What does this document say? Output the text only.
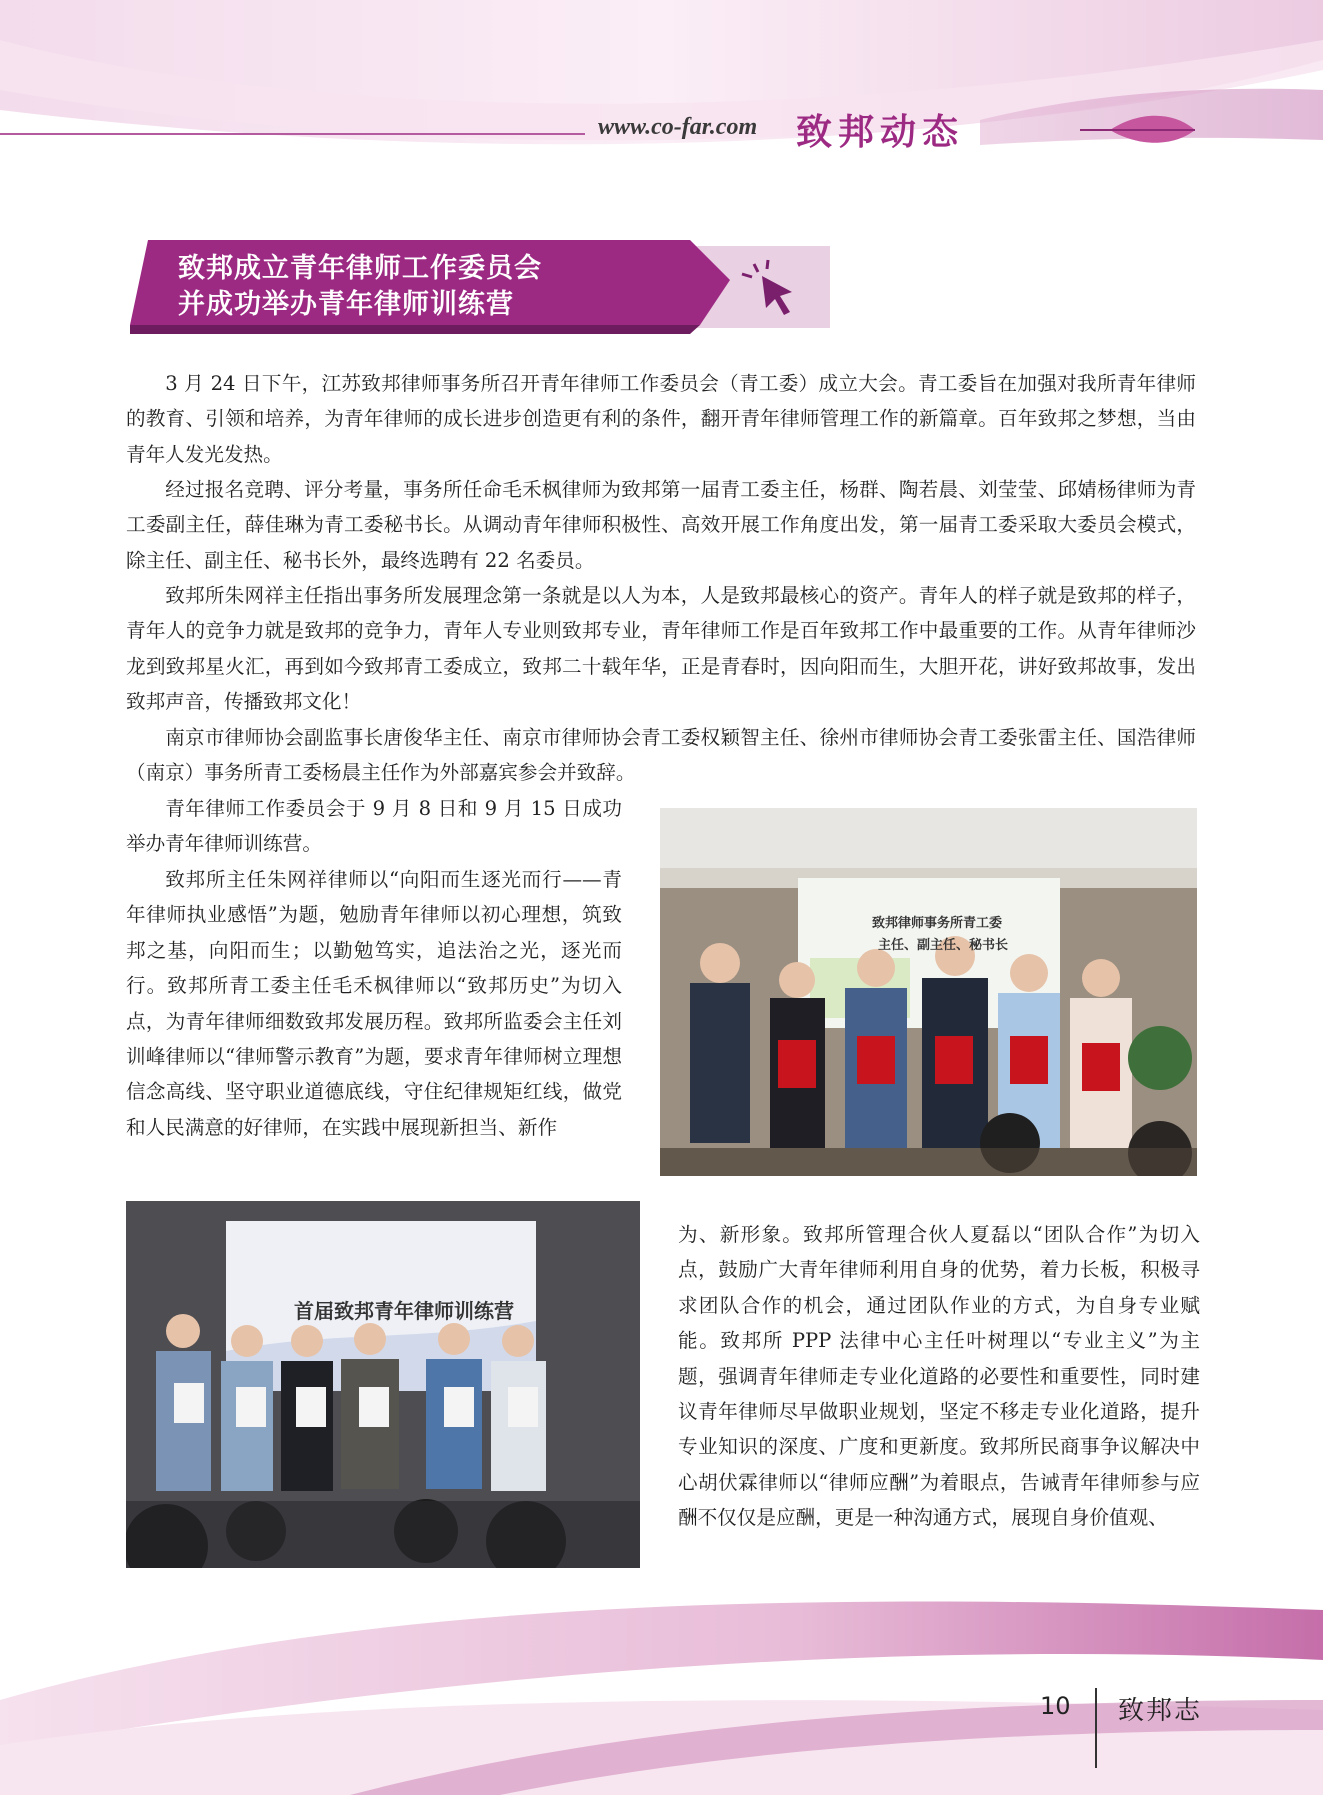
www.co-far.com 致邦动态
致邦成立青年律师工作委员会
并成功举办青年律师训练营

3 月 24 日下午，江苏致邦律师事务所召开青年律师工作委员会（青工委）成立大会。青工委旨在加强对我所青年律师的教育、引领和培养，为青年律师的成长进步创造更有利的条件，翻开青年律师管理工作的新篇章。百年致邦之梦想，当由青年人发光发热。

经过报名竞聘、评分考量，事务所任命毛禾枫律师为致邦第一届青工委主任，杨群、陶若晨、刘莹莹、邱婧杨律师为青工委副主任，薛佳琳为青工委秘书长。从调动青年律师积极性、高效开展工作角度出发，第一届青工委采取大委员会模式，除主任、副主任、秘书长外，最终选聘有 22 名委员。

致邦所朱网祥主任指出事务所发展理念第一条就是以人为本，人是致邦最核心的资产。青年人的样子就是致邦的样子，青年人的竞争力就是致邦的竞争力，青年人专业则致邦专业，青年律师工作是百年致邦工作中最重要的工作。从青年律师沙龙到致邦星火汇，再到如今致邦青工委成立，致邦二十载年华，正是青春时，因向阳而生，大胆开花，讲好致邦故事，发出致邦声音，传播致邦文化！

南京市律师协会副监事长唐俊华主任、南京市律师协会青工委权颖智主任、徐州市律师协会青工委张雷主任、国浩律师（南京）事务所青工委杨晨主任作为外部嘉宾参会并致辞。

青年律师工作委员会于 9 月 8 日和 9 月 15 日成功举办青年律师训练营。

致邦所主任朱网祥律师以“向阳而生逐光而行——青年律师执业感悟”为题，勉励青年律师以初心理想，筑致邦之基，向阳而生；以勤勉笃实，追法治之光，逐光而行。致邦所青工委主任毛禾枫律师以“致邦历史”为切入点，为青年律师细数致邦发展历程。致邦所监委会主任刘训峰律师以“律师警示教育”为题，要求青年律师树立理想信念高线、坚守职业道德底线，守住纪律规矩红线，做党和人民满意的好律师，在实践中展现新担当、新作

为、新形象。致邦所管理合伙人夏磊以“团队合作”为切入点，鼓励广大青年律师利用自身的优势，着力长板，积极寻求团队合作的机会，通过团队作业的方式，为自身专业赋能。致邦所 PPP 法律中心主任叶树理以“专业主义”为主题，强调青年律师走专业化道路的必要性和重要性，同时建议青年律师尽早做职业规划，坚定不移走专业化道路，提升专业知识的深度、广度和更新度。致邦所民商事争议解决中心胡伏霖律师以“律师应酬”为着眼点，告诫青年律师参与应酬不仅仅是应酬，更是一种沟通方式，展现自身价值观、

致邦律师事务所青工委
主任、副主任、秘书长
首届致邦青年律师训练营
10 致邦志
